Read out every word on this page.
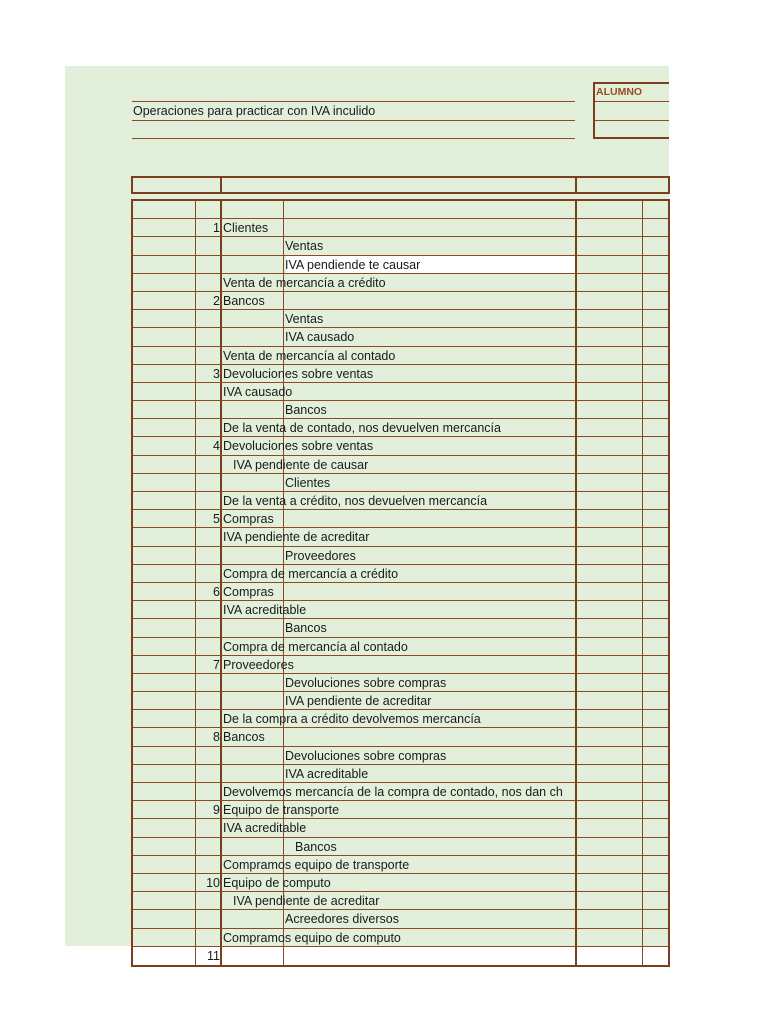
Operaciones para practicar con IVA inculido
ALUMNO
1 Clientes
Ventas
IVA pendiende te causar
Venta de mercancía a crédito
2 Bancos
Ventas
IVA causado
Venta de mercancía al contado
3 Devoluciones sobre ventas
IVA causado
Bancos
De la venta de contado, nos devuelven mercancía
4 Devoluciones sobre ventas
IVA pendiente de causar
Clientes
De la venta a crédito, nos devuelven mercancía
5 Compras
IVA pendiente de acreditar
Proveedores
Compra de mercancía a crédito
6 Compras
IVA acreditable
Bancos
Compra de mercancía al contado
7 Proveedores
Devoluciones sobre compras
IVA pendiente de acreditar
De la compra a crédito devolvemos mercancía
8 Bancos
Devoluciones sobre compras
IVA acreditable
Devolvemos mercancía de la compra de contado, nos dan ch
9 Equipo de transporte
IVA acreditable
Bancos
Compramos equipo de transporte
10 Equipo de computo
IVA pendiente de acreditar
Acreedores diversos
Compramos equipo de computo
11
